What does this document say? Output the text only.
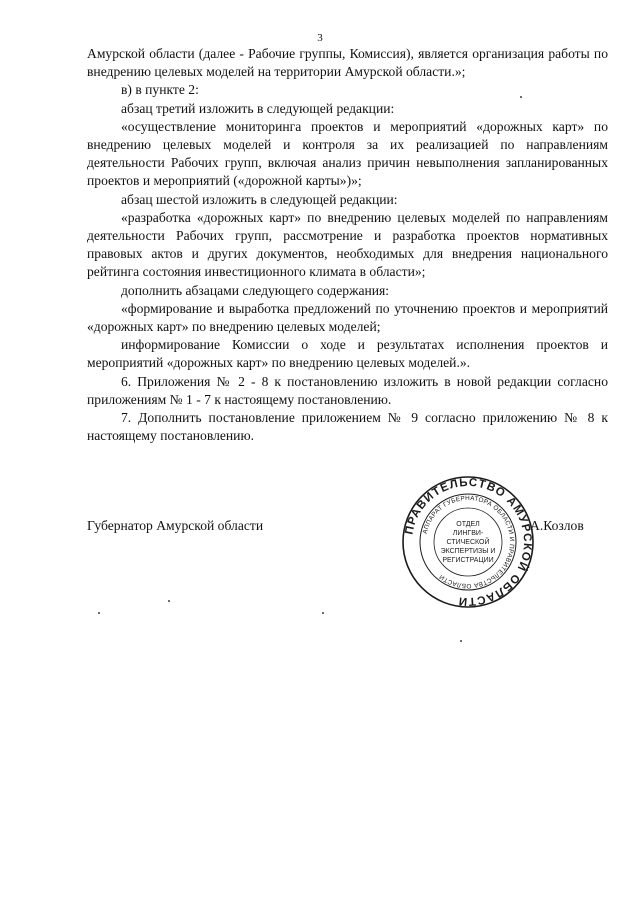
3

Амурской области (далее - Рабочие группы, Комиссия), является организация работы по внедрению целевых моделей на территории Амурской области.»;

в) в пункте 2:

абзац третий изложить в следующей редакции:

«осуществление мониторинга проектов и мероприятий «дорожных карт» по внедрению целевых моделей и контроля за их реализацией по направлениям деятельности Рабочих групп, включая анализ причин невыполнения запланированных проектов и мероприятий («дорожной карты»)»;

абзац шестой изложить в следующей редакции:

«разработка «дорожных карт» по внедрению целевых моделей по направлениям деятельности Рабочих групп, рассмотрение и разработка проектов нормативных правовых актов и других документов, необходимых для внедрения национального рейтинга состояния инвестиционного климата в области»;

дополнить абзацами следующего содержания:

«формирование и выработка предложений по уточнению проектов и мероприятий «дорожных карт» по внедрению целевых моделей;

информирование Комиссии о ходе и результатах исполнения проектов и мероприятий «дорожных карт» по внедрению целевых моделей.».

6. Приложения № 2 - 8 к постановлению изложить в новой редакции согласно приложениям № 1 - 7 к настоящему постановлению.

7. Дополнить постановление приложением № 9 согласно приложению № 8 к настоящему постановлению.

Губернатор Амурской области	А.Козлов
ПРАВИТЕЛЬСТВО АМУРСКОЙ ОБЛАСТИ
АППАРАТ ГУБЕРНАТОРА ОБЛАСТИ И ПРАВИТЕЛЬСТВА ОБЛАСТИ
ОТДЕЛ
ЛИНГВИ-
СТИЧЕСКОЙ
ЭКСПЕРТИЗЫ И
РЕГИСТРАЦИИ
